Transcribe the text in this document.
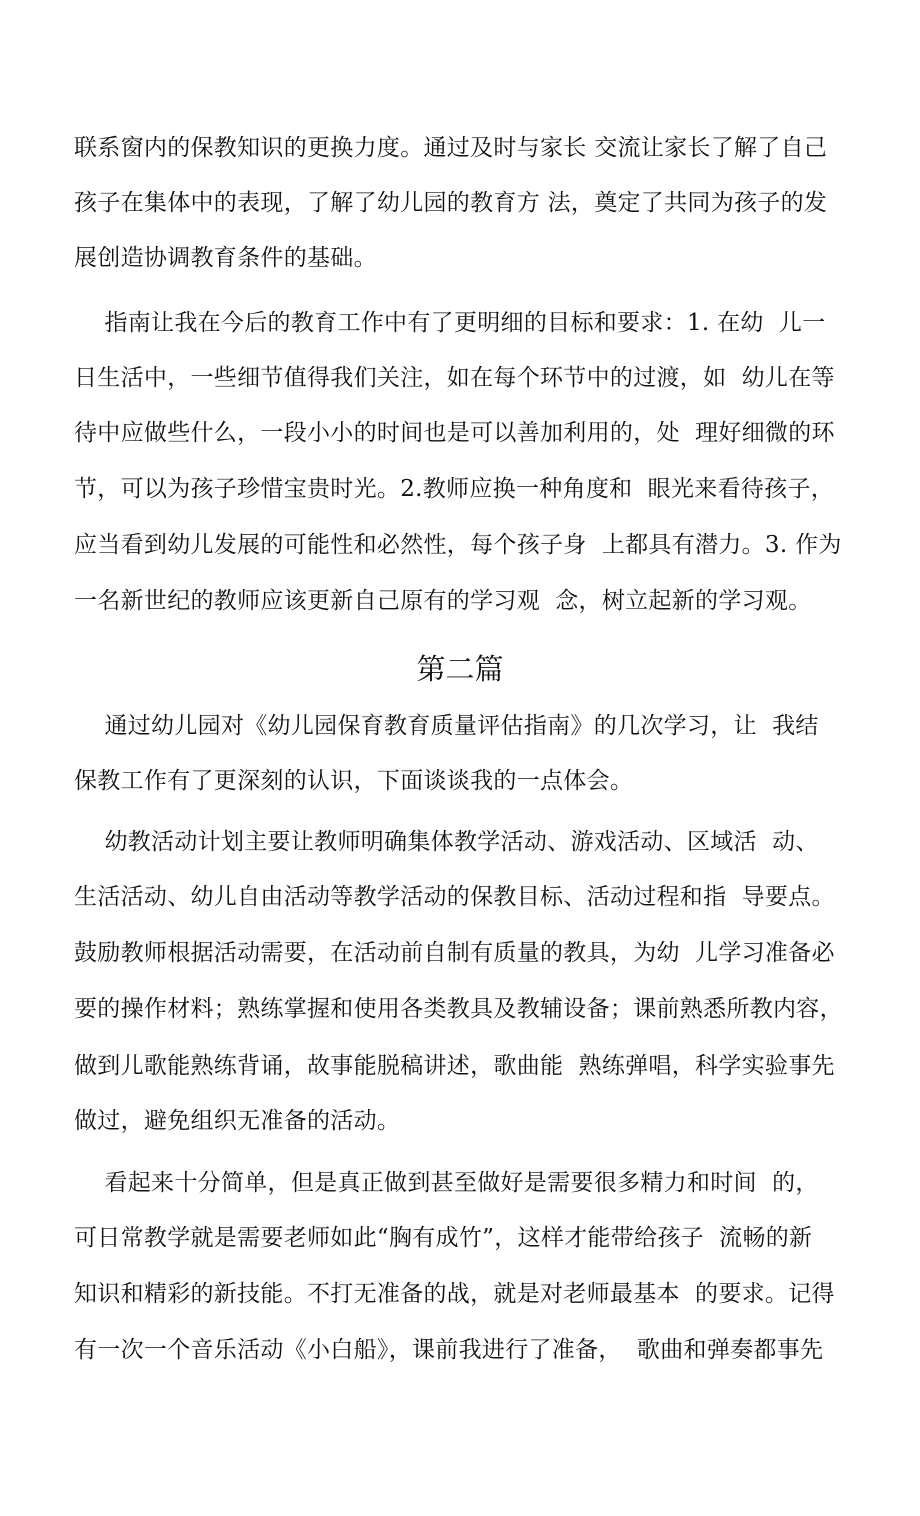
联系窗内的保教知识的更换力度。通过及时与家长 交流让家长了解了自己
孩子在集体中的表现，了解了幼儿园的教育方 法，奠定了共同为孩子的发
展创造协调教育条件的基础。
指南让我在今后的教育工作中有了更明细的目标和要求：1. 在幼  儿一
日生活中，一些细节值得我们关注，如在每个环节中的过渡，如  幼儿在等
待中应做些什么，一段小小的时间也是可以善加利用的，处  理好细微的环
节，可以为孩子珍惜宝贵时光。2.教师应换一种角度和  眼光来看待孩子，
应当看到幼儿发展的可能性和必然性，每个孩子身  上都具有潜力。3. 作为
一名新世纪的教师应该更新自己原有的学习观  念，树立起新的学习观。
第二篇
通过幼儿园对《幼儿园保育教育质量评估指南》的几次学习，让  我结
保教工作有了更深刻的认识，下面谈谈我的一点体会。
幼教活动计划主要让教师明确集体教学活动、游戏活动、区域活  动、
生活活动、幼儿自由活动等教学活动的保教目标、活动过程和指  导要点。
鼓励教师根据活动需要，在活动前自制有质量的教具，为幼  儿学习准备必
要的操作材料；熟练掌握和使用各类教具及教辅设备；课前熟悉所教内容，
做到儿歌能熟练背诵，故事能脱稿讲述，歌曲能  熟练弹唱，科学实验事先
做过，避免组织无准备的活动。
看起来十分简单，但是真正做到甚至做好是需要很多精力和时间  的，
可日常教学就是需要老师如此“胸有成竹”，这样才能带给孩子  流畅的新
知识和精彩的新技能。不打无准备的战，就是对老师最基本  的要求。记得
有一次一个音乐活动《小白船》，课前我进行了准备，  歌曲和弹奏都事先
